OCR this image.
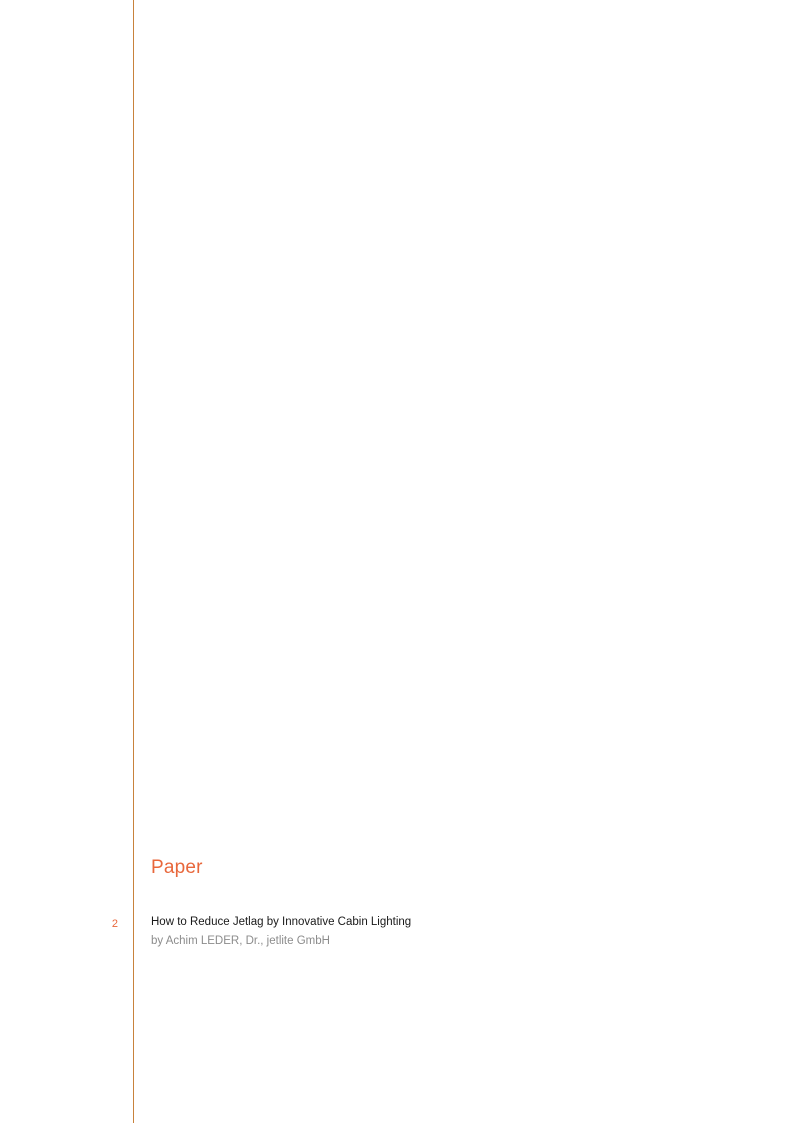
Paper
2	How to Reduce Jetlag by Innovative Cabin Lighting
by Achim LEDER, Dr., jetlite GmbH
